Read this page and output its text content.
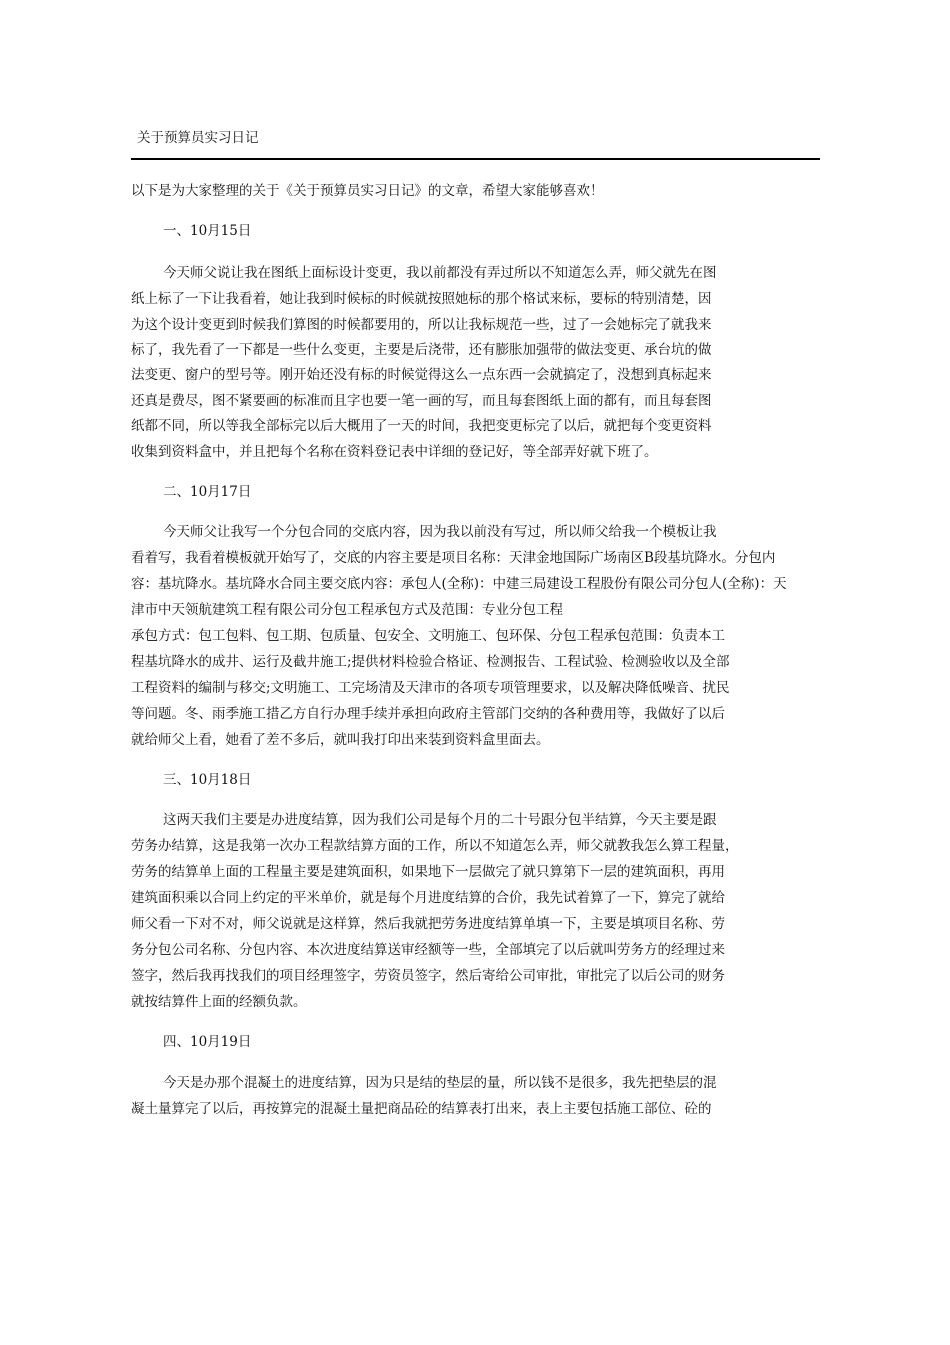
关于预算员实习日记
以下是为大家整理的关于《关于预算员实习日记》的文章，希望大家能够喜欢！
一、10月15日
今天师父说让我在图纸上面标设计变更，我以前都没有弄过所以不知道怎么弄，师父就先在图
纸上标了一下让我看着，她让我到时候标的时候就按照她标的那个格试来标，要标的特别清楚，因
为这个设计变更到时候我们算图的时候都要用的，所以让我标规范一些，过了一会她标完了就我来
标了，我先看了一下都是一些什么变更，主要是后浇带，还有膨胀加强带的做法变更、承台坑的做
法变更、窗户的型号等。刚开始还没有标的时候觉得这么一点东西一会就搞定了，没想到真标起来
还真是费尽，图不紧要画的标准而且字也要一笔一画的写，而且每套图纸上面的都有，而且每套图
纸都不同，所以等我全部标完以后大概用了一天的时间，我把变更标完了以后，就把每个变更资料
收集到资料盒中，并且把每个名称在资料登记表中详细的登记好，等全部弄好就下班了。
二、10月17日
今天师父让我写一个分包合同的交底内容，因为我以前没有写过，所以师父给我一个模板让我
看着写，我看着模板就开始写了，交底的内容主要是项目名称：天津金地国际广场南区B段基坑降水。分包内
容：基坑降水。基坑降水合同主要交底内容：承包人(全称)：中建三局建设工程股份有限公司分包人(全称)：天
津市中天领航建筑工程有限公司分包工程承包方式及范围：专业分包工程
承包方式：包工包料、包工期、包质量、包安全、文明施工、包环保、分包工程承包范围：负责本工
程基坑降水的成井、运行及截井施工;提供材料检验合格证、检测报告、工程试验、检测验收以及全部
工程资料的编制与移交;文明施工、工完场清及天津市的各项专项管理要求，以及解决降低噪音、扰民
等问题。冬、雨季施工措乙方自行办理手续并承担向政府主管部门交纳的各种费用等，我做好了以后
就给师父上看，她看了差不多后，就叫我打印出来装到资料盒里面去。
三、10月18日
这两天我们主要是办进度结算，因为我们公司是每个月的二十号跟分包半结算，今天主要是跟
劳务办结算，这是我第一次办工程款结算方面的工作，所以不知道怎么弄，师父就教我怎么算工程量，
劳务的结算单上面的工程量主要是建筑面积，如果地下一层做完了就只算第下一层的建筑面积，再用
建筑面积乘以合同上约定的平米单价，就是每个月进度结算的合价，我先试着算了一下，算完了就给
师父看一下对不对，师父说就是这样算，然后我就把劳务进度结算单填一下，主要是填项目名称、劳
务分包公司名称、分包内容、本次进度结算送审经额等一些，全部填完了以后就叫劳务方的经理过来
签字，然后我再找我们的项目经理签字，劳资员签字，然后寄给公司审批，审批完了以后公司的财务
就按结算件上面的经额负款。
四、10月19日
今天是办那个混凝土的进度结算，因为只是结的垫层的量，所以钱不是很多，我先把垫层的混
凝土量算完了以后，再按算完的混凝土量把商品砼的结算表打出来，表上主要包括施工部位、砼的
